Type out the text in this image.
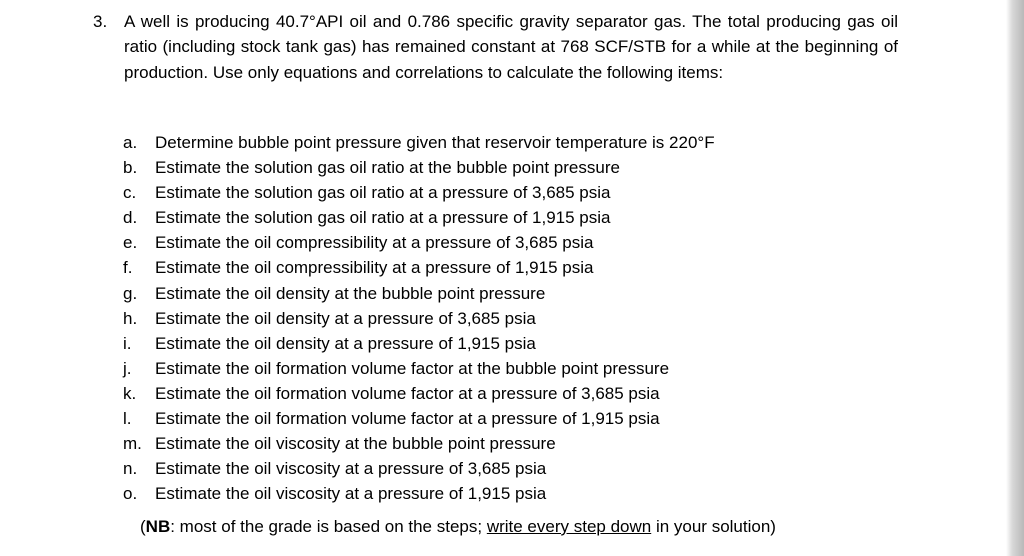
3. A well is producing 40.7°API oil and 0.786 specific gravity separator gas. The total producing gas oil ratio (including stock tank gas) has remained constant at 768 SCF/STB for a while at the beginning of production. Use only equations and correlations to calculate the following items:
a. Determine bubble point pressure given that reservoir temperature is 220°F
b. Estimate the solution gas oil ratio at the bubble point pressure
c. Estimate the solution gas oil ratio at a pressure of 3,685 psia
d. Estimate the solution gas oil ratio at a pressure of 1,915 psia
e. Estimate the oil compressibility at a pressure of 3,685 psia
f. Estimate the oil compressibility at a pressure of 1,915 psia
g. Estimate the oil density at the bubble point pressure
h. Estimate the oil density at a pressure of 3,685 psia
i. Estimate the oil density at a pressure of 1,915 psia
j. Estimate the oil formation volume factor at the bubble point pressure
k. Estimate the oil formation volume factor at a pressure of 3,685 psia
l. Estimate the oil formation volume factor at a pressure of 1,915 psia
m. Estimate the oil viscosity at the bubble point pressure
n. Estimate the oil viscosity at a pressure of 3,685 psia
o. Estimate the oil viscosity at a pressure of 1,915 psia
(NB: most of the grade is based on the steps; write every step down in your solution)
